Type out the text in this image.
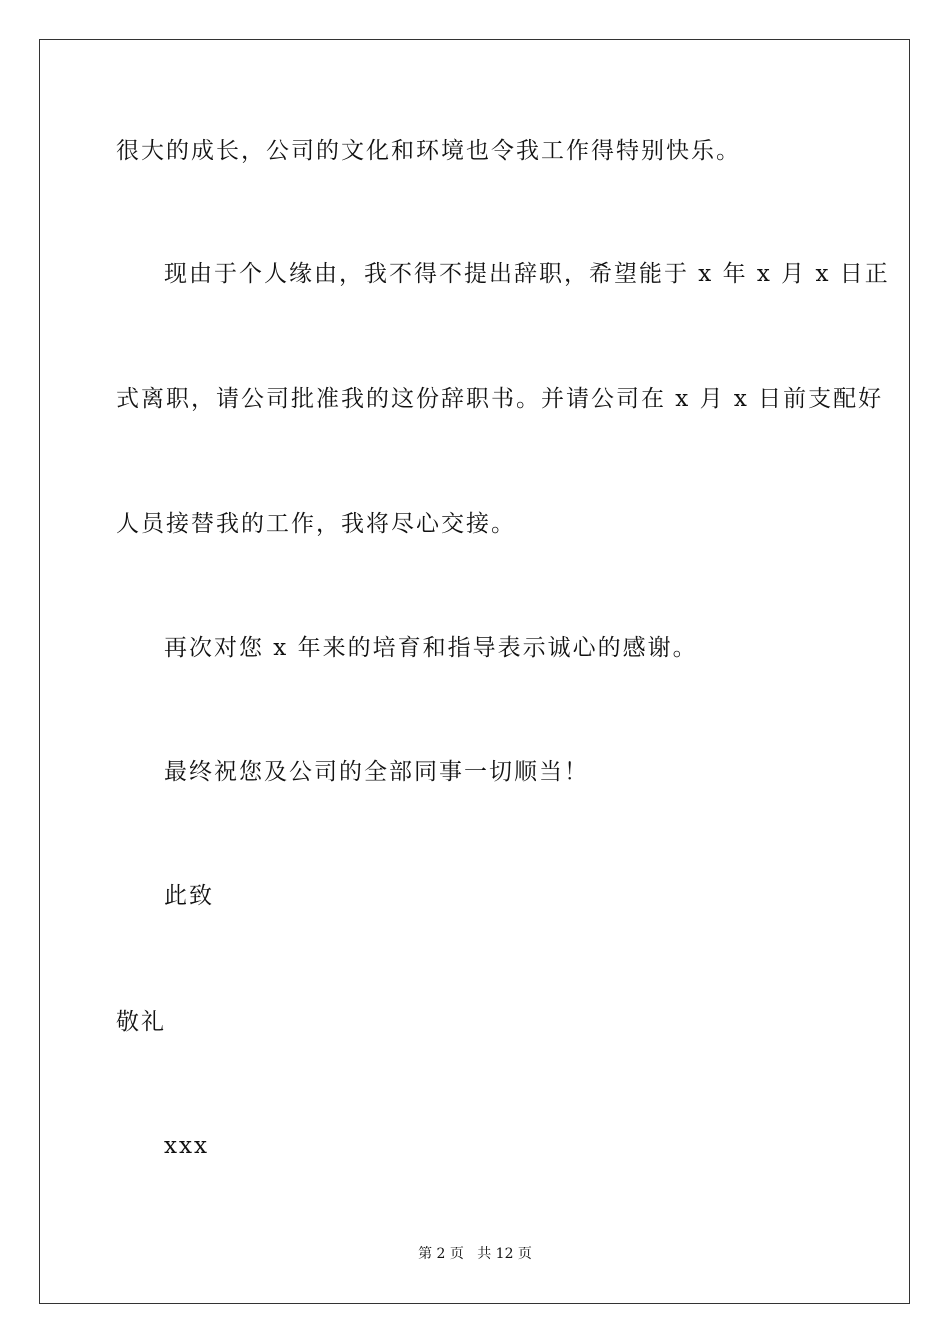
很大的成长，公司的文化和环境也令我工作得特别快乐。
现由于个人缘由，我不得不提出辞职，希望能于 x 年 x 月 x 日正
式离职，请公司批准我的这份辞职书。并请公司在 x 月 x 日前支配好
人员接替我的工作，我将尽心交接。
再次对您 x 年来的培育和指导表示诚心的感谢。
最终祝您及公司的全部同事一切顺当！
此致
敬礼
xxx
第 2 页   共 12 页
